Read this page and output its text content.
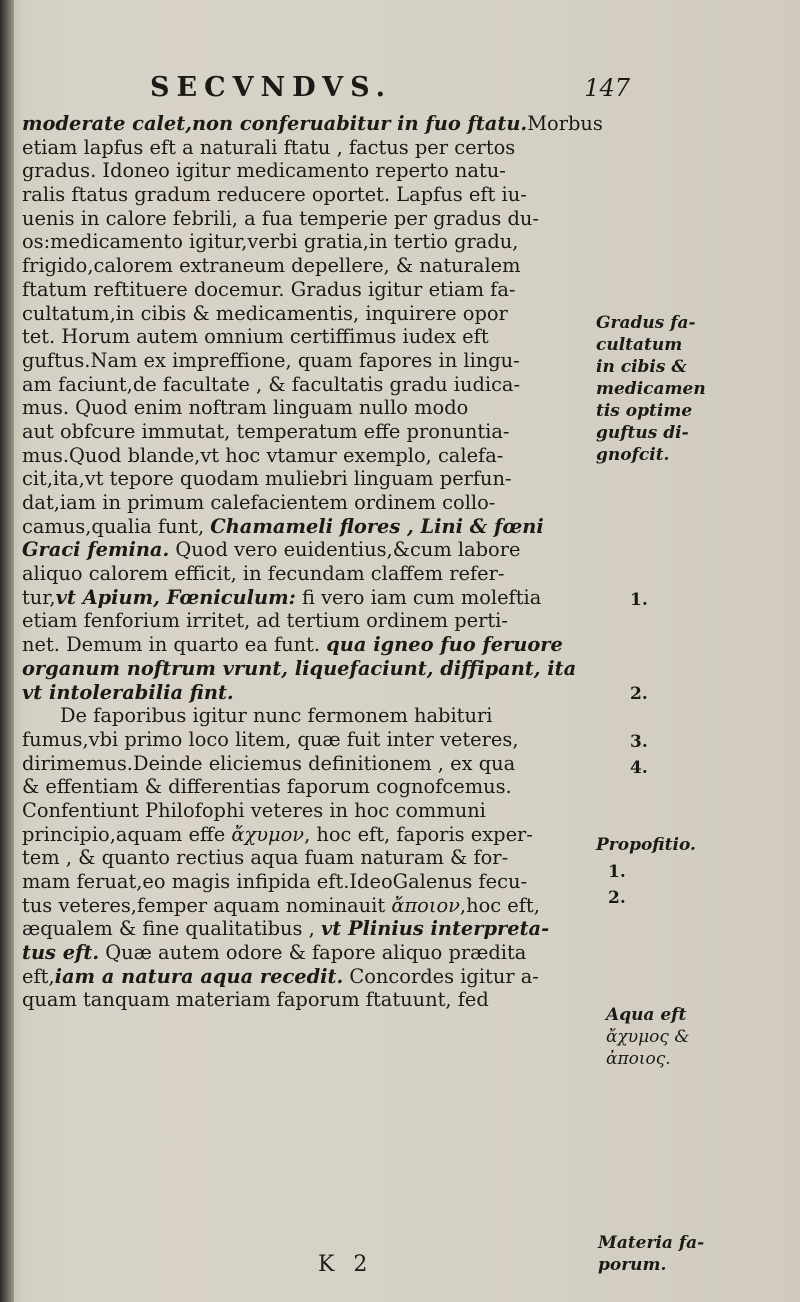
SECVNDVS.	147
moderate calet,non conferuabitur in fuo ftatu.Morbus
etiam lapfus eft a naturali ftatu , factus per certos
gradus. Idoneo igitur medicamento reperto natu-
ralis ftatus gradum reducere oportet. Lapfus eft iu-
uenis in calore febrili, a fua temperie per gradus du-
os:medicamento igitur,verbi gratia,in tertio gradu,
frigido,calorem extraneum depellere, & naturalem
ftatum reftituere docemur. Gradus igitur etiam fa-
cultatum,in cibis & medicamentis, inquirere opor
tet. Horum autem omnium certiffimus iudex eft
guftus.Nam ex impreffione, quam fapores in lingu-
am faciunt,de facultate , & facultatis gradu iudica-
mus. Quod enim noftram linguam nullo modo
aut obfcure immutat, temperatum effe pronuntia-
mus.Quod blande,vt hoc vtamur exemplo, calefa-
cit,ita,vt tepore quodam muliebri linguam perfun-
dat,iam in primum calefacientem ordinem collo-
camus,qualia funt, Chamameli flores , Lini & fœni
Graci femina. Quod vero euidentius,&cum labore
aliquo calorem efficit, in fecundam claffem refer-
tur,vt Apium, Fœniculum: fi vero iam cum moleftia
etiam fenforium irritet, ad tertium ordinem perti-
net. Demum in quarto ea funt. qua igneo fuo feruore
organum noftrum vrunt, liquefaciunt, diffipant, ita
vt intolerabilia fint.
De faporibus igitur nunc fermonem habituri
fumus,vbi primo loco litem, quæ fuit inter veteres,
dirimemus.Deinde eliciemus definitionem , ex qua
& effentiam & differentias faporum cognofcemus.
Confentiunt Philofophi veteres in hoc communi
principio,aquam effe ἄχυμον, hoc eft, faporis exper-
tem , & quanto rectius aqua fuam naturam & for-
mam feruat,eo magis infipida eft.IdeoGalenus fecu-
tus veteres,femper aquam nominauit ἄποιον,hoc eft,
æqualem & fine qualitatibus , vt Plinius interpreta-
tus eft. Quæ autem odore & fapore aliquo prædita
eft,iam a natura aqua recedit. Concordes igitur a-
quam tanquam materiam faporum ftatuunt, fed
Gradus fa-
cultatum
in cibis &
medicamen
tis optime
guftus di-
gnofcit.
1.
2.
3.
4.
Propofitio.
1.
2.
Aqua eft
ἄχυμος &
ἀποιος.
Materia fa-
porum.
K 2
